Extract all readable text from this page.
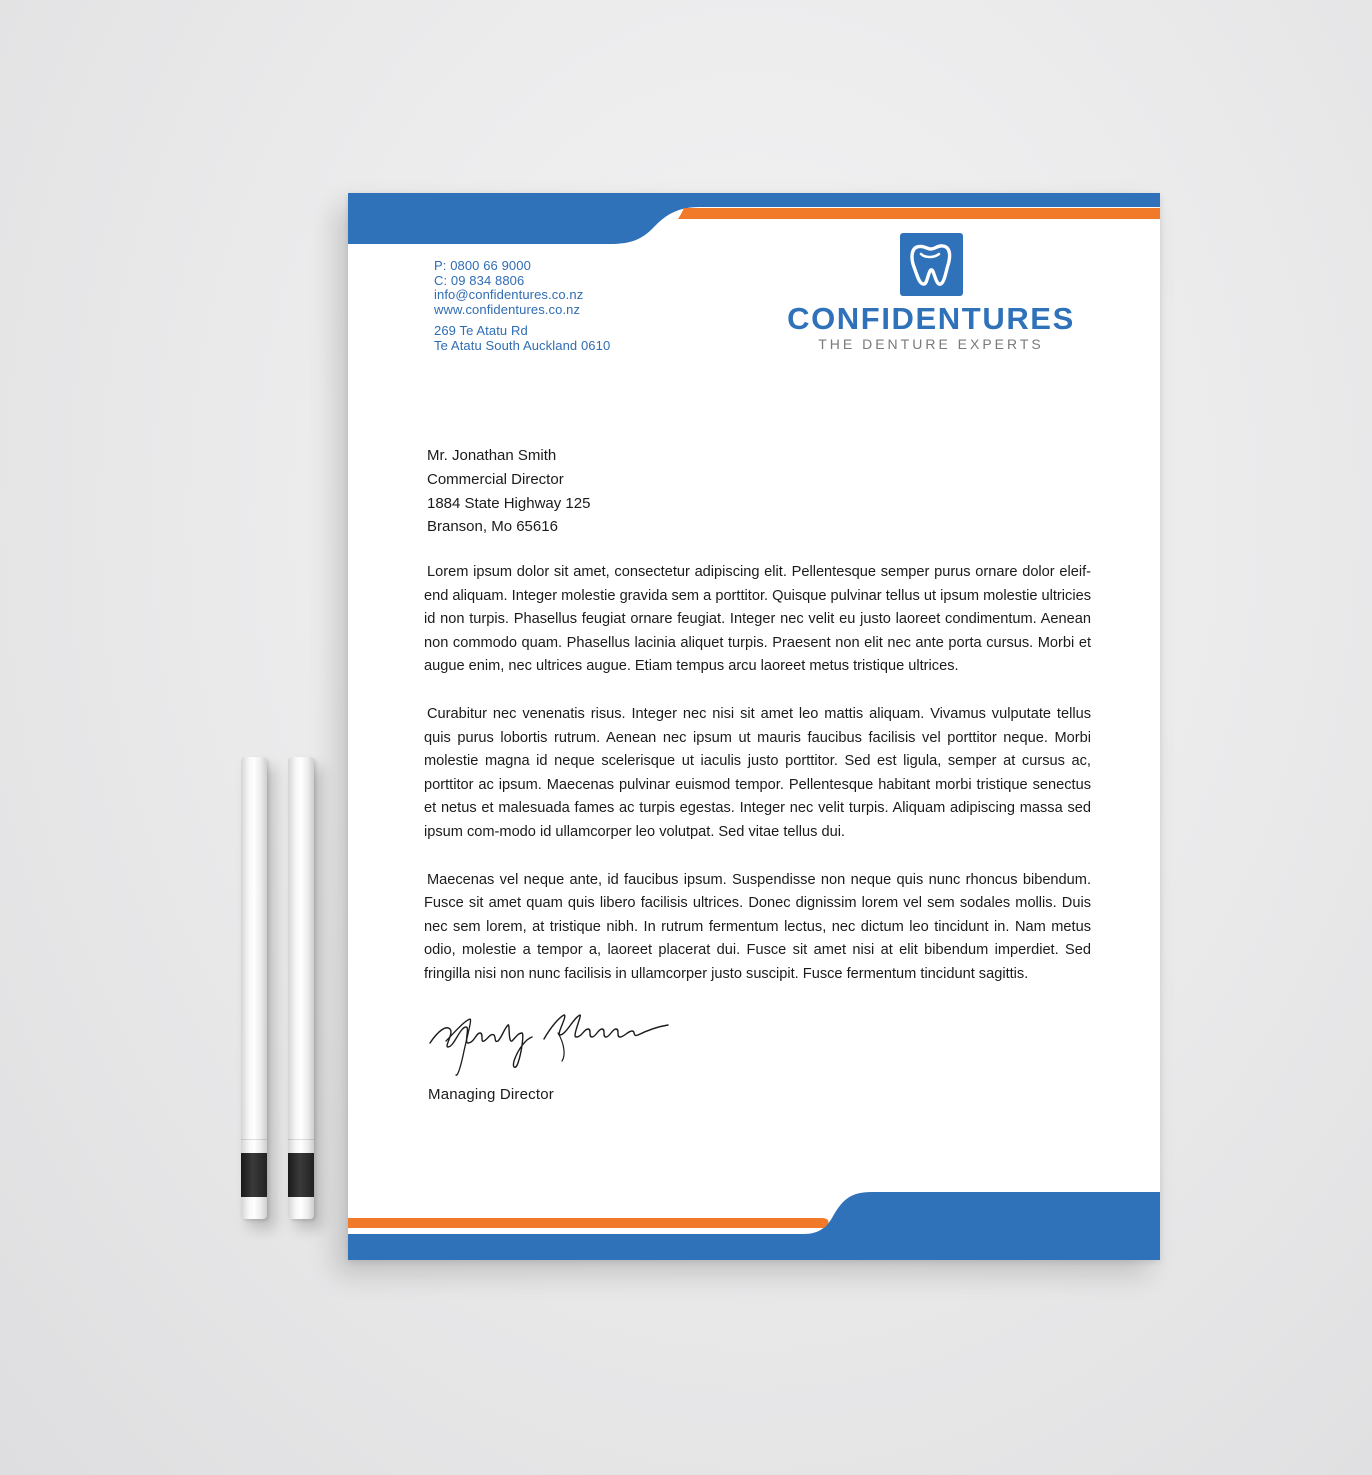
P: 0800 66 9000
C: 09 834 8806
info@confidentures.co.nz
www.confidentures.co.nz
269 Te Atatu Rd
Te Atatu South Auckland 0610
CONFIDENTURES
THE DENTURE EXPERTS
Mr. Jonathan Smith
Commercial Director
1884 State Highway 125
Branson, Mo 65616

Lorem ipsum dolor sit amet, consectetur adipiscing elit. Pellentesque semper purus ornare dolor eleif-end aliquam. Integer molestie gravida sem a porttitor. Quisque pulvinar tellus ut ipsum molestie ultricies id non turpis. Phasellus feugiat ornare feugiat. Integer nec velit eu justo laoreet condimentum. Aenean non commodo quam. Phasellus lacinia aliquet turpis. Praesent non elit nec ante porta cursus. Morbi et augue enim, nec ultrices augue. Etiam tempus arcu laoreet metus tristique ultrices.

Curabitur nec venenatis risus. Integer nec nisi sit amet leo mattis aliquam. Vivamus vulputate tellus quis purus lobortis rutrum. Aenean nec ipsum ut mauris faucibus facilisis vel porttitor neque. Morbi molestie magna id neque scelerisque ut iaculis justo porttitor. Sed est ligula, semper at cursus ac, porttitor ac ipsum. Maecenas pulvinar euismod tempor. Pellentesque habitant morbi tristique senectus et netus et malesuada fames ac turpis egestas. Integer nec velit turpis. Aliquam adipiscing massa sed ipsum com-modo id ullamcorper leo volutpat. Sed vitae tellus dui.

Maecenas vel neque ante, id faucibus ipsum. Suspendisse non neque quis nunc rhoncus bibendum. Fusce sit amet quam quis libero facilisis ultrices. Donec dignissim lorem vel sem sodales mollis. Duis nec sem lorem, at tristique nibh. In rutrum fermentum lectus, nec dictum leo tincidunt in. Nam metus odio, molestie a tempor a, laoreet placerat dui. Fusce sit amet nisi at elit bibendum imperdiet. Sed fringilla nisi non nunc facilisis in ullamcorper justo suscipit. Fusce fermentum tincidunt sagittis.

Managing Director
